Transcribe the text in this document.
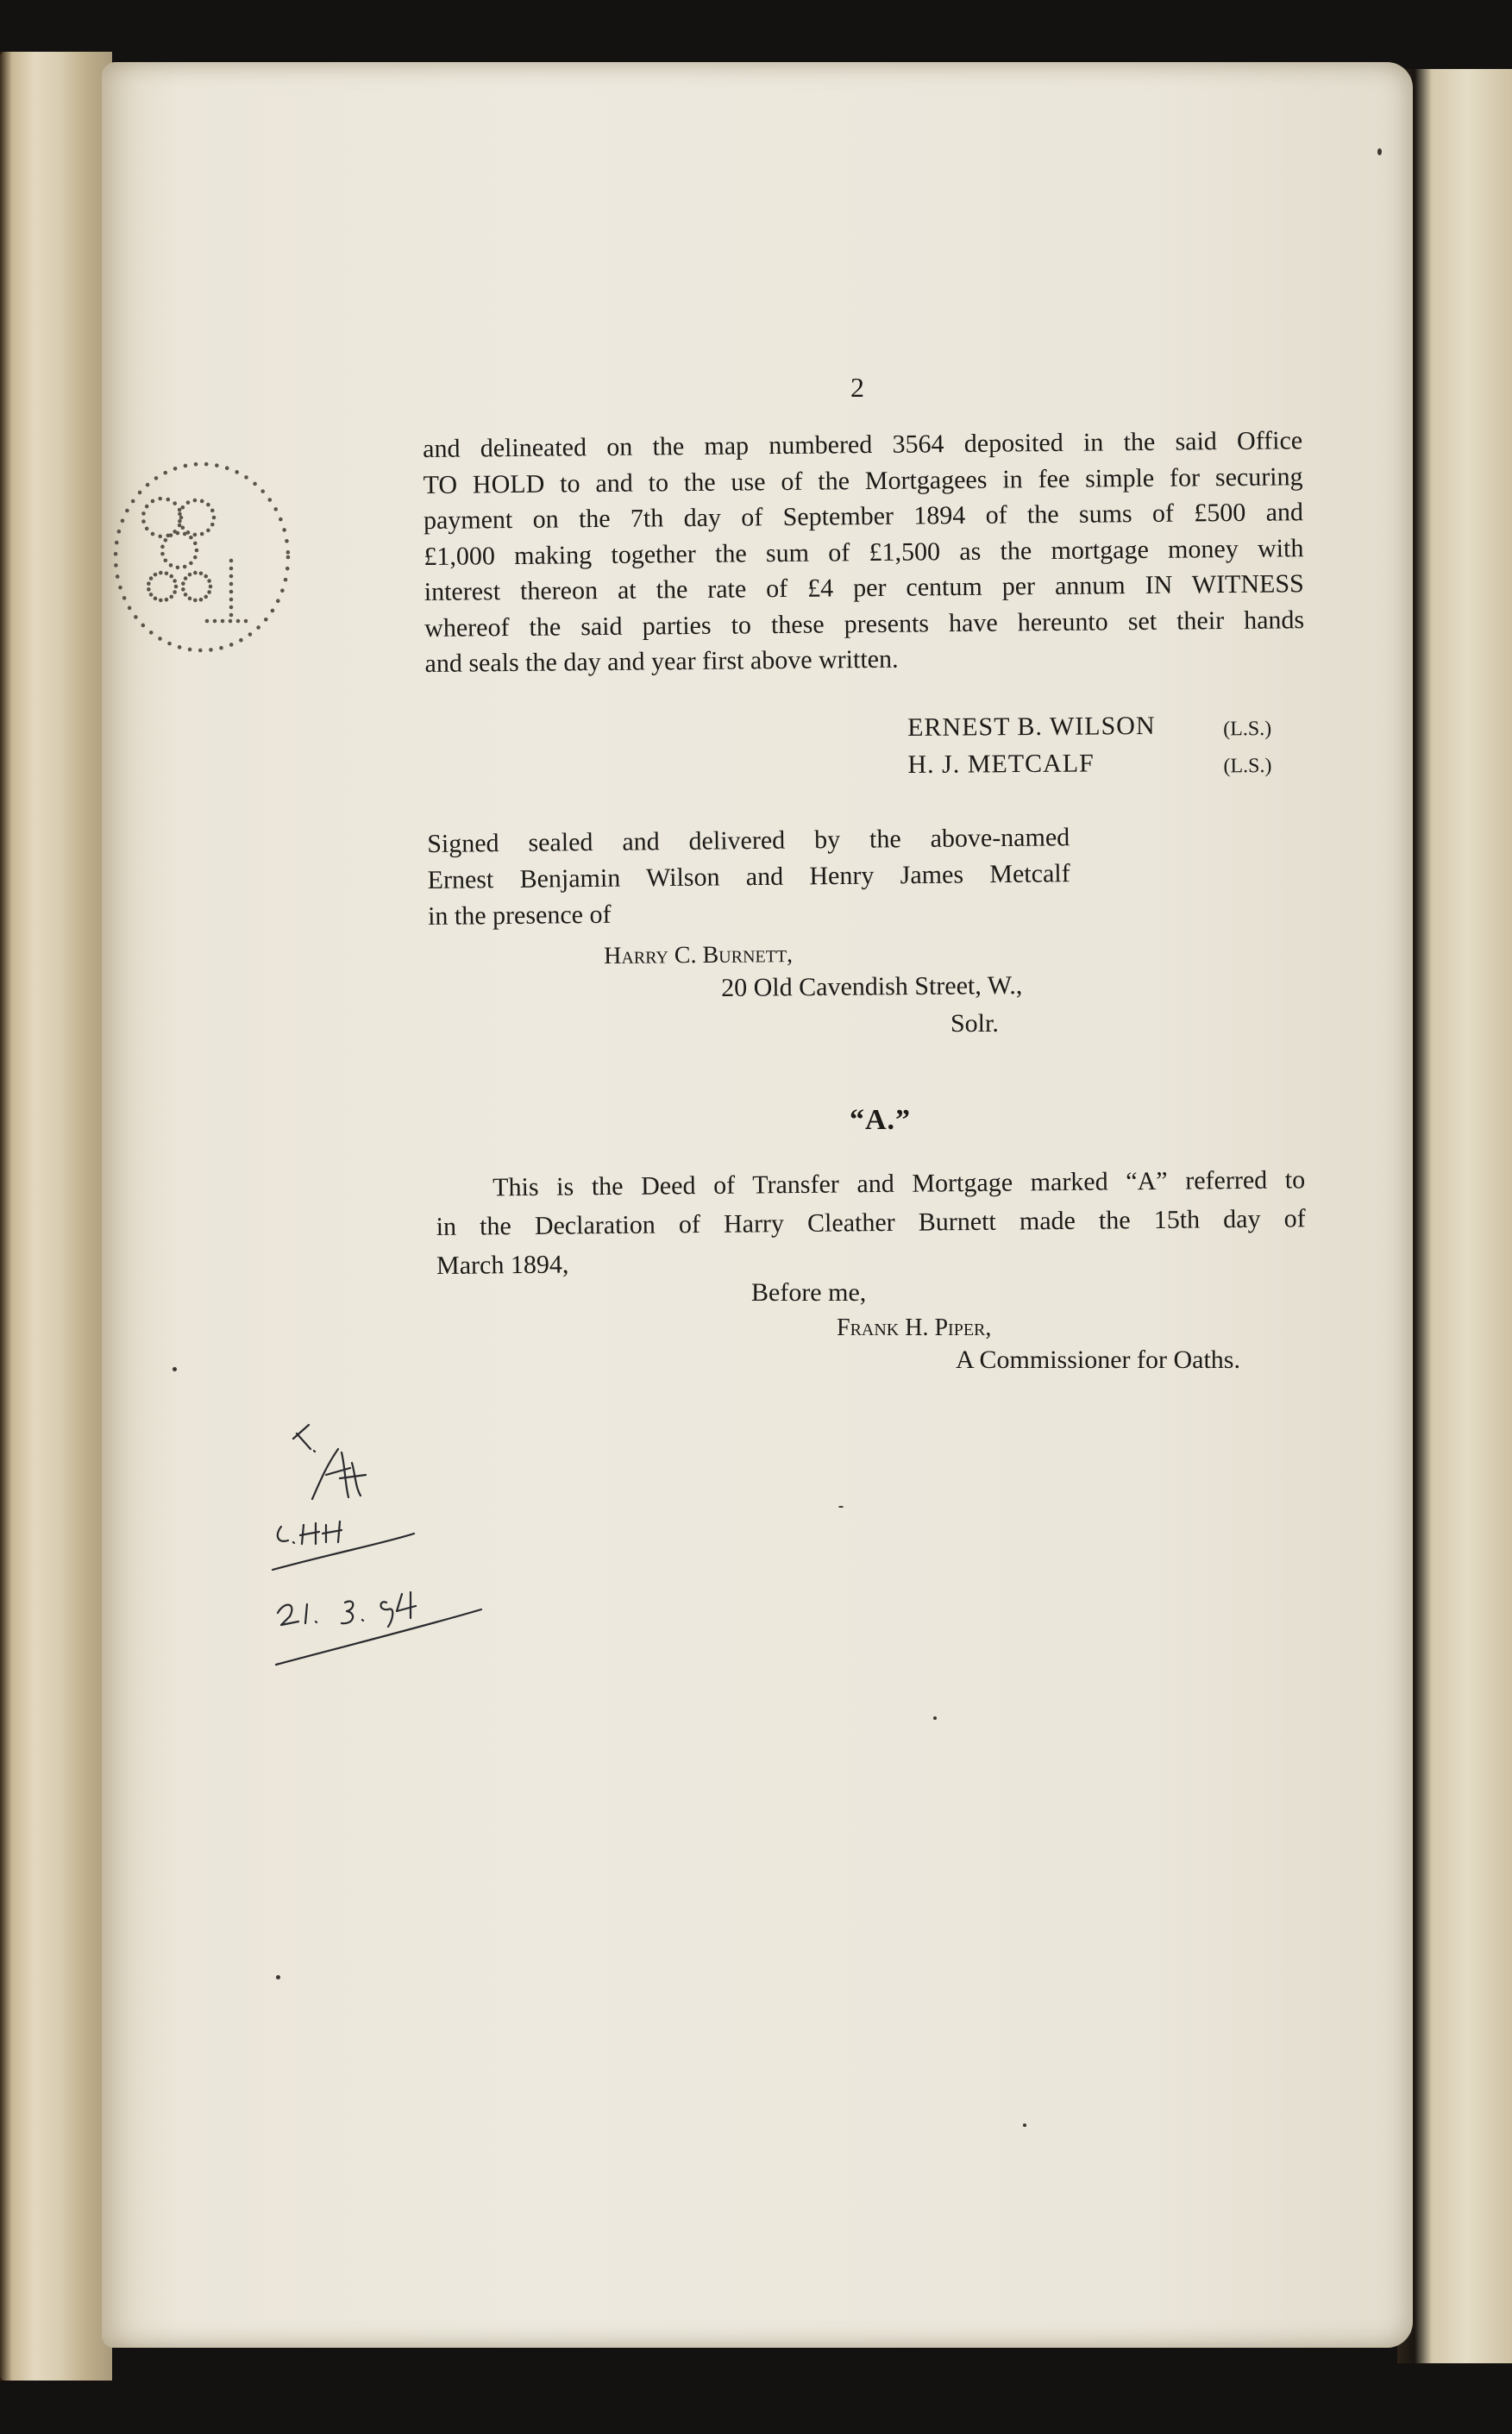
2
and delineated on the map numbered 3564 deposited in the said Office
TO HOLD to and to the use of the Mortgagees in fee simple for securing
payment on the 7th day of September 1894 of the sums of £500 and
£1,000 making together the sum of £1,500 as the mortgage money with
interest thereon at the rate of £4 per centum per annum IN WITNESS
whereof the said parties to these presents have hereunto set their hands
and seals the day and year first above written.
ERNEST B. WILSON	(L.S.)
H. J. METCALF	(L.S.)
Signed sealed and delivered by the above-named
Ernest Benjamin Wilson and Henry James Metcalf
in the presence of
Harry C. Burnett,
20 Old Cavendish Street, W.,
Solr.
“A.”
This is the Deed of Transfer and Mortgage marked “A” referred to
in the Declaration of Harry Cleather Burnett made the 15th day of
March 1894,
Before me,
Frank H. Piper,
A Commissioner for Oaths.
